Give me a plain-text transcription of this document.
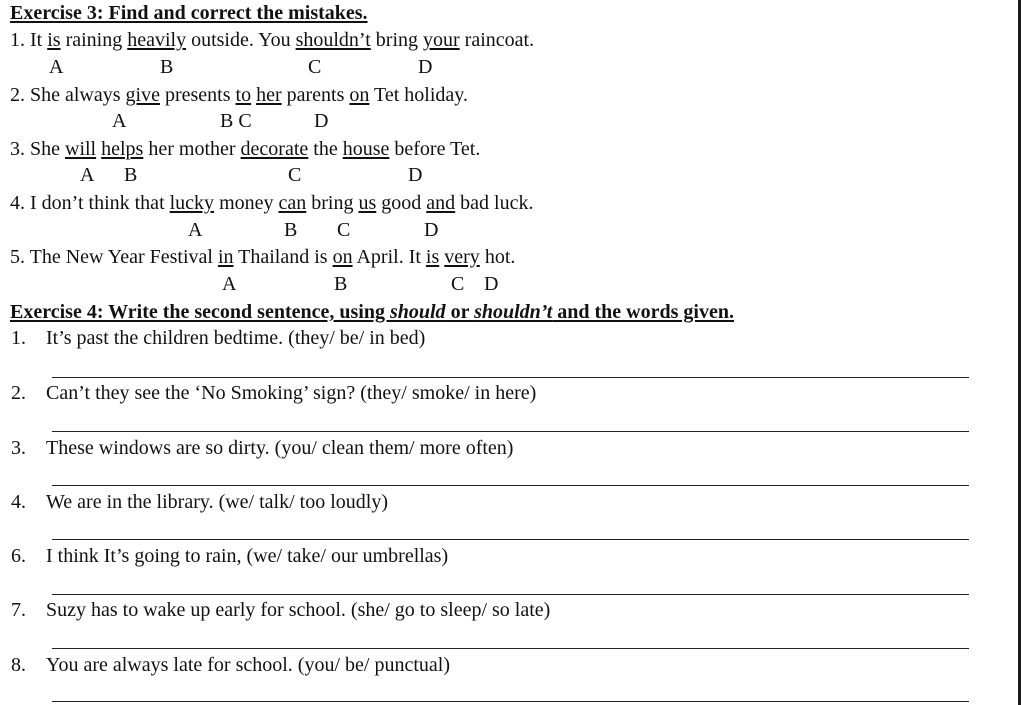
Exercise 3: Find and correct the mistakes.
1. It is raining heavily outside. You shouldn’t bring your raincoat.
A	B	C	D
2. She always give presents to her parents on Tet holiday.
A	B C	D
3. She will helps her mother decorate the house before Tet.
A B	C	D
4. I don’t think that lucky money can bring us good and bad luck.
A	B C	D
5. The New Year Festival in Thailand is on April. It is very hot.
A	B	C D
Exercise 4: Write the second sentence, using should or shouldn’t and the words given.
1. It’s past the children bedtime. (they/ be/ in bed)
2. Can’t they see the ‘No Smoking’ sign? (they/ smoke/ in here)
3. These windows are so dirty. (you/ clean them/ more often)
4. We are in the library. (we/ talk/ too loudly)
6. I think It’s going to rain, (we/ take/ our umbrellas)
7. Suzy has to wake up early for school. (she/ go to sleep/ so late)
8. You are always late for school. (you/ be/ punctual)
